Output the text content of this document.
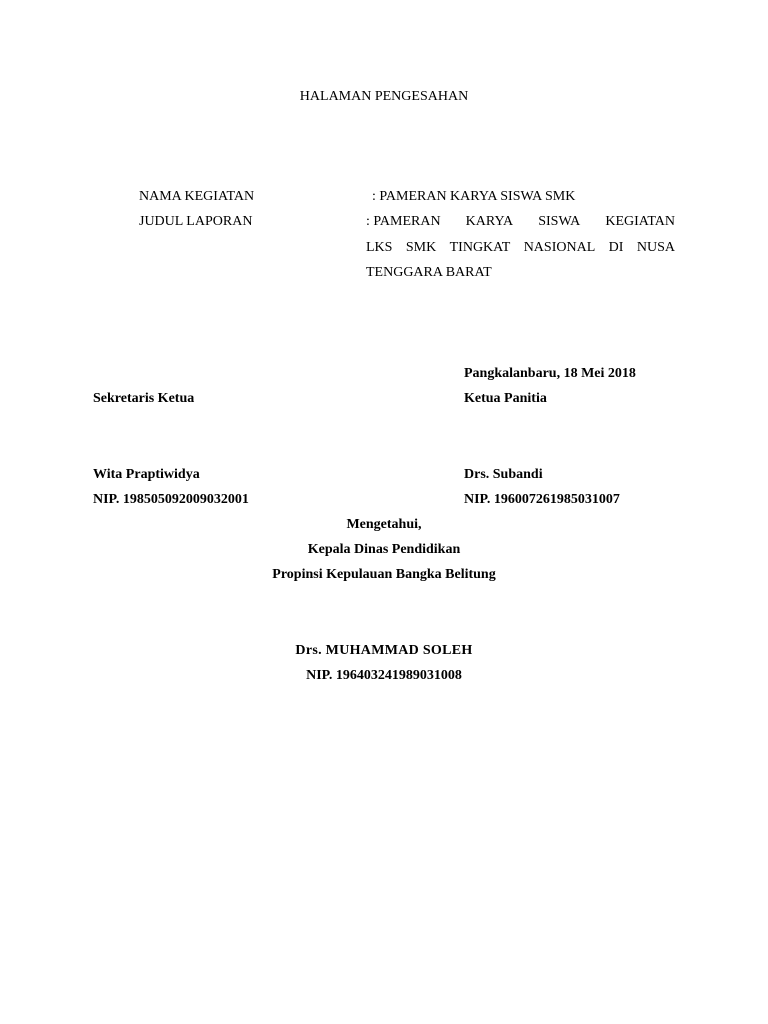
HALAMAN PENGESAHAN
NAMA KEGIATAN	: PAMERAN KARYA SISWA SMK
JUDUL LAPORAN	: PAMERAN KARYA SISWA KEGIATAN
LKS SMK TINGKAT NASIONAL DI NUSA
TENGGARA BARAT
Pangkalanbaru, 18 Mei 2018
Sekretaris Ketua	Ketua Panitia
Wita Praptiwidya	Drs. Subandi
NIP. 198505092009032001	NIP. 196007261985031007
Mengetahui,
Kepala Dinas Pendidikan
Propinsi Kepulauan Bangka Belitung
Drs. MUHAMMAD SOLEH
NIP. 196403241989031008
